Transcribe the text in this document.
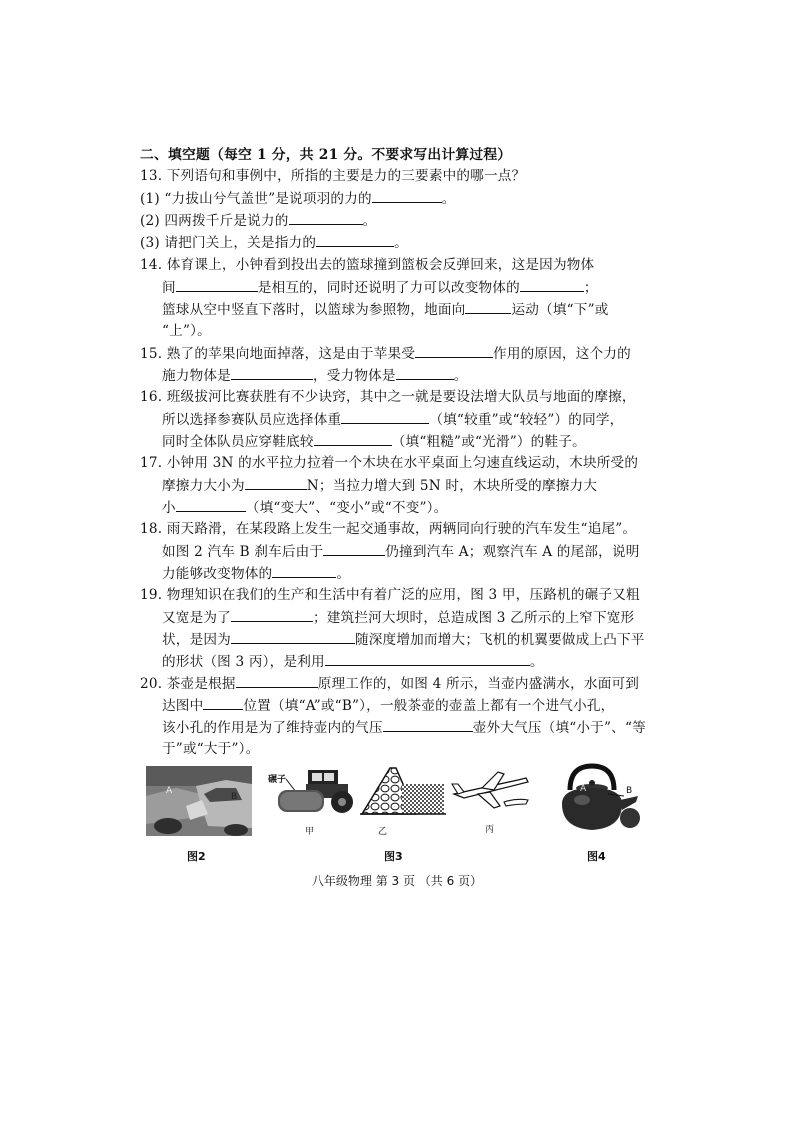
二、填空题（每空 1 分，共 21 分。不要求写出计算过程）
13. 下列语句和事例中，所指的主要是力的三要素中的哪一点？
(1) “力拔山兮气盖世”是说项羽的力的	。
(2) 四两拨千斤是说力的	。
(3) 请把门关上，关是指力的	。
14. 体育课上，小钟看到投出去的篮球撞到篮板会反弹回来，这是因为物体
间	是相互的，同时还说明了力可以改变物体的	；
篮球从空中竖直下落时，以篮球为参照物，地面向	运动（填“下”或
“上”）。
15. 熟了的苹果向地面掉落，这是由于苹果受	作用的原因，这个力的
施力物体是	，受力物体是	。
16. 班级拔河比赛获胜有不少诀窍，其中之一就是要设法增大队员与地面的摩擦，
所以选择参赛队员应选择体重	（填“较重”或“较轻”）的同学，
同时全体队员应穿鞋底较	（填“粗糙”或“光滑”）的鞋子。
17. 小钟用 3N 的水平拉力拉着一个木块在水平桌面上匀速直线运动，木块所受的
摩擦力大小为	N；当拉力增大到 5N 时，木块所受的摩擦力大
小	（填“变大”、“变小”或“不变”）。
18. 雨天路滑，在某段路上发生一起交通事故，两辆同向行驶的汽车发生“追尾”。
如图 2 汽车 B 刹车后由于	仍撞到汽车 A；观察汽车 A 的尾部，说明
力能够改变物体的	。
19. 物理知识在我们的生产和生活中有着广泛的应用，图 3 甲，压路机的碾子又粗
又宽是为了	；建筑拦河大坝时，总造成图 3 乙所示的上窄下宽形
状，是因为	随深度增加而增大；飞机的机翼要做成上凸下平
的形状（图 3 丙），是利用	。
20. 茶壶是根据	原理工作的，如图 4 所示，当壶内盛满水，水面可到
达图中	位置（填“A”或“B”），一般茶壶的壶盖上都有一个进气小孔，
该小孔的作用是为了维持壶内的气压	壶外大气压（填“小于”、“等
于”或“大于”）。
A
B
图2
碾子
甲	乙	丙
图3
A	B
图4
八年级物理 第 3 页 （共 6 页）
